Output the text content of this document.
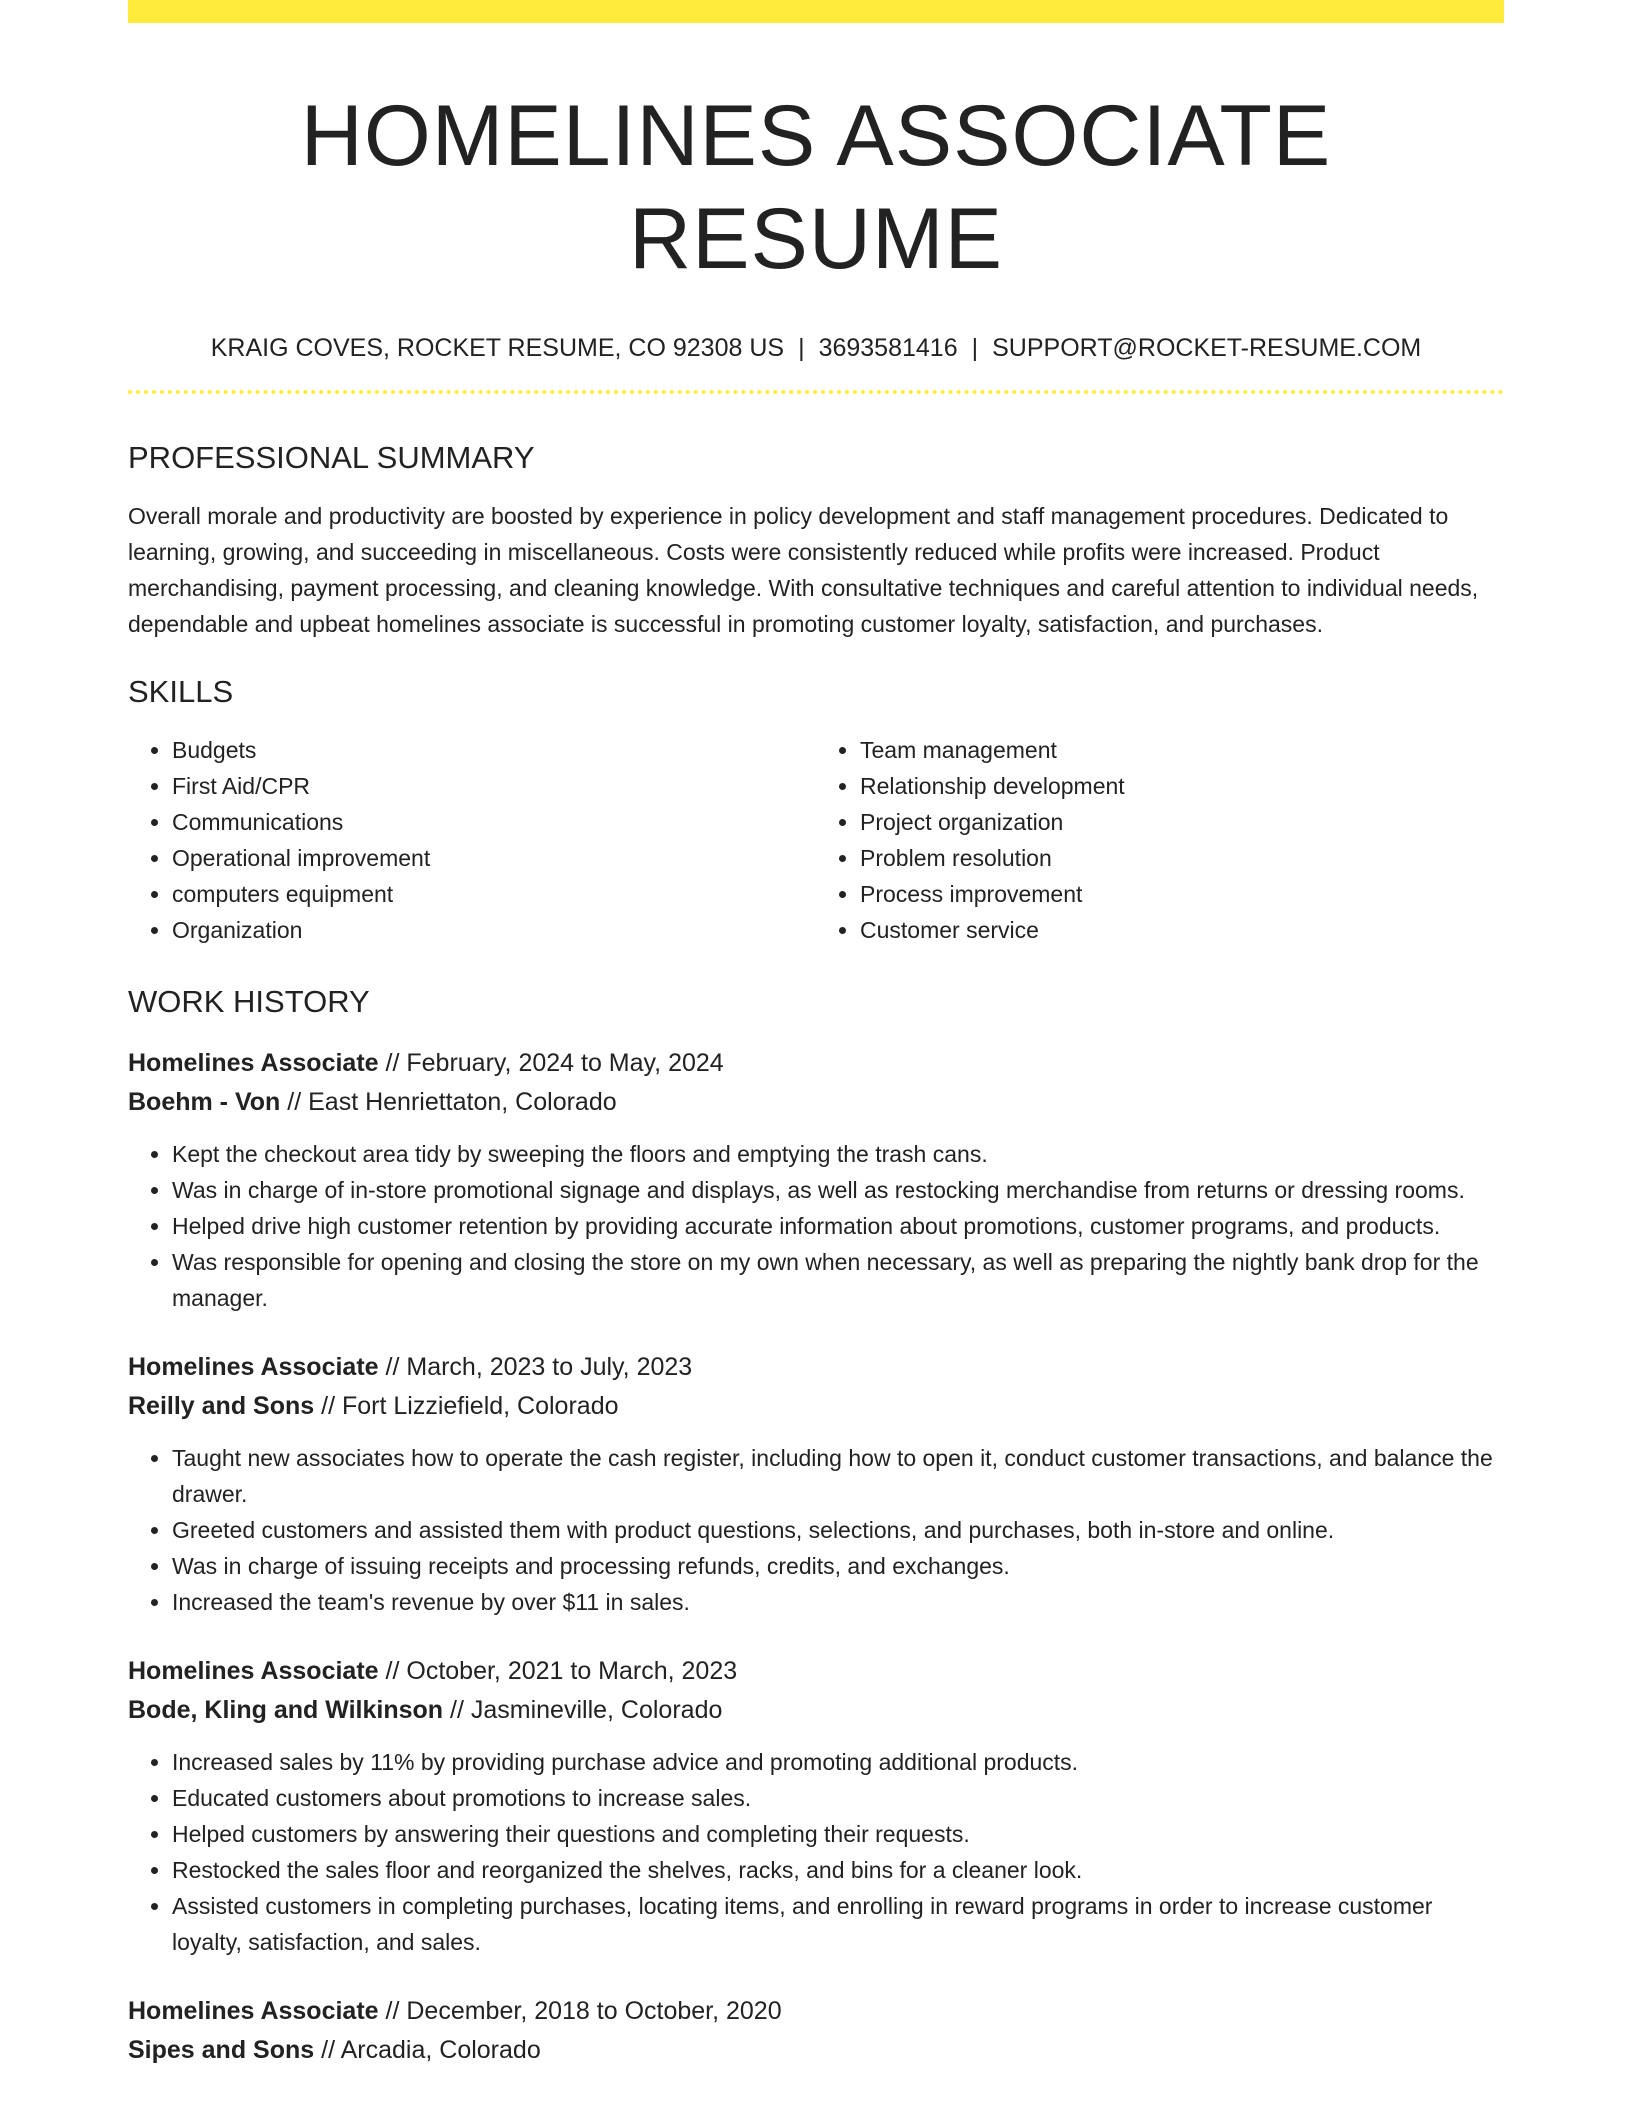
HOMELINES ASSOCIATE RESUME
KRAIG COVES, ROCKET RESUME, CO 92308 US | 3693581416 | SUPPORT@ROCKET-RESUME.COM
PROFESSIONAL SUMMARY

Overall morale and productivity are boosted by experience in policy development and staff management procedures. Dedicated to learning, growing, and succeeding in miscellaneous. Costs were consistently reduced while profits were increased. Product merchandising, payment processing, and cleaning knowledge. With consultative techniques and careful attention to individual needs, dependable and upbeat homelines associate is successful in promoting customer loyalty, satisfaction, and purchases.

SKILLS
• Budgets
• First Aid/CPR
• Communications
• Operational improvement
• computers equipment
• Organization
• Team management
• Relationship development
• Project organization
• Problem resolution
• Process improvement
• Customer service
WORK HISTORY
Homelines Associate // February, 2024 to May, 2024
Boehm - Von // East Henriettaton, Colorado
• Kept the checkout area tidy by sweeping the floors and emptying the trash cans.
• Was in charge of in-store promotional signage and displays, as well as restocking merchandise from returns or dressing rooms.
• Helped drive high customer retention by providing accurate information about promotions, customer programs, and products.
• Was responsible for opening and closing the store on my own when necessary, as well as preparing the nightly bank drop for the manager.
Homelines Associate // March, 2023 to July, 2023
Reilly and Sons // Fort Lizziefield, Colorado
• Taught new associates how to operate the cash register, including how to open it, conduct customer transactions, and balance the drawer.
• Greeted customers and assisted them with product questions, selections, and purchases, both in-store and online.
• Was in charge of issuing receipts and processing refunds, credits, and exchanges.
• Increased the team's revenue by over $11 in sales.
Homelines Associate // October, 2021 to March, 2023
Bode, Kling and Wilkinson // Jasmineville, Colorado
• Increased sales by 11% by providing purchase advice and promoting additional products.
• Educated customers about promotions to increase sales.
• Helped customers by answering their questions and completing their requests.
• Restocked the sales floor and reorganized the shelves, racks, and bins for a cleaner look.
• Assisted customers in completing purchases, locating items, and enrolling in reward programs in order to increase customer loyalty, satisfaction, and sales.
Homelines Associate // December, 2018 to October, 2020
Sipes and Sons // Arcadia, Colorado
